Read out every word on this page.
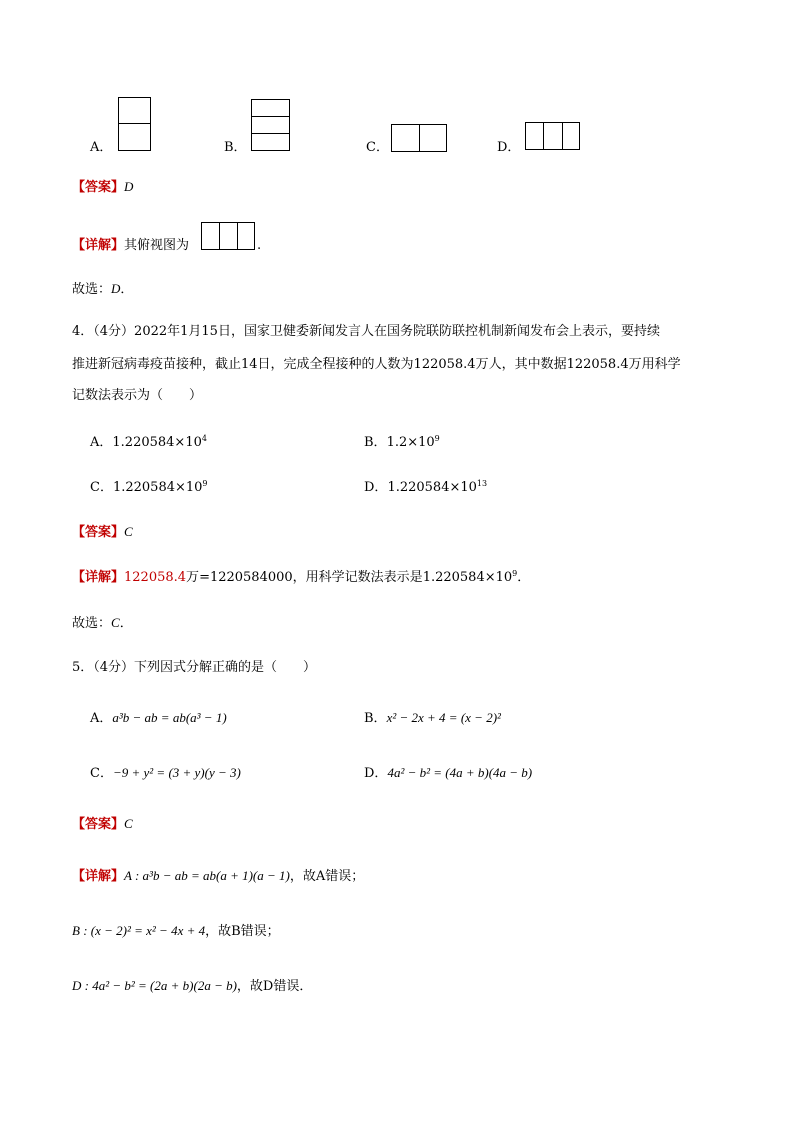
A．	B．	C．	D．
【答案】D
【详解】其俯视图为	.
故选：D．
4．（4分）2022年1月15日，国家卫健委新闻发言人在国务院联防联控机制新闻发布会上表示，要持续
推进新冠病毒疫苗接种，截止14日，完成全程接种的人数为122058.4万人，其中数据122058.4万用科学
记数法表示为（　　）
A．$1.220584\times 10^4$	B．$1.2\times 10^9$
C．$1.220584\times 10^9$	D．$1.220584\times 10^{13}$
【答案】C
【详解】122058.4万=1220584000，用科学记数法表示是$1.220584\times 10^9$．
故选：C．
5．（4分）下列因式分解正确的是（　　）
A．a³b − ab = ab(a³ − 1)	B．x² − 2x + 4 = (x − 2)²
C．−9 + y² = (3 + y)(y − 3)	D．4a² − b² = (4a + b)(4a − b)
【答案】C
【详解】A : a³b − ab = ab(a + 1)(a − 1)，故A错误；
B : (x − 2)² = x² − 4x + 4，故B错误；
D : 4a² − b² = (2a + b)(2a − b)，故D错误．
